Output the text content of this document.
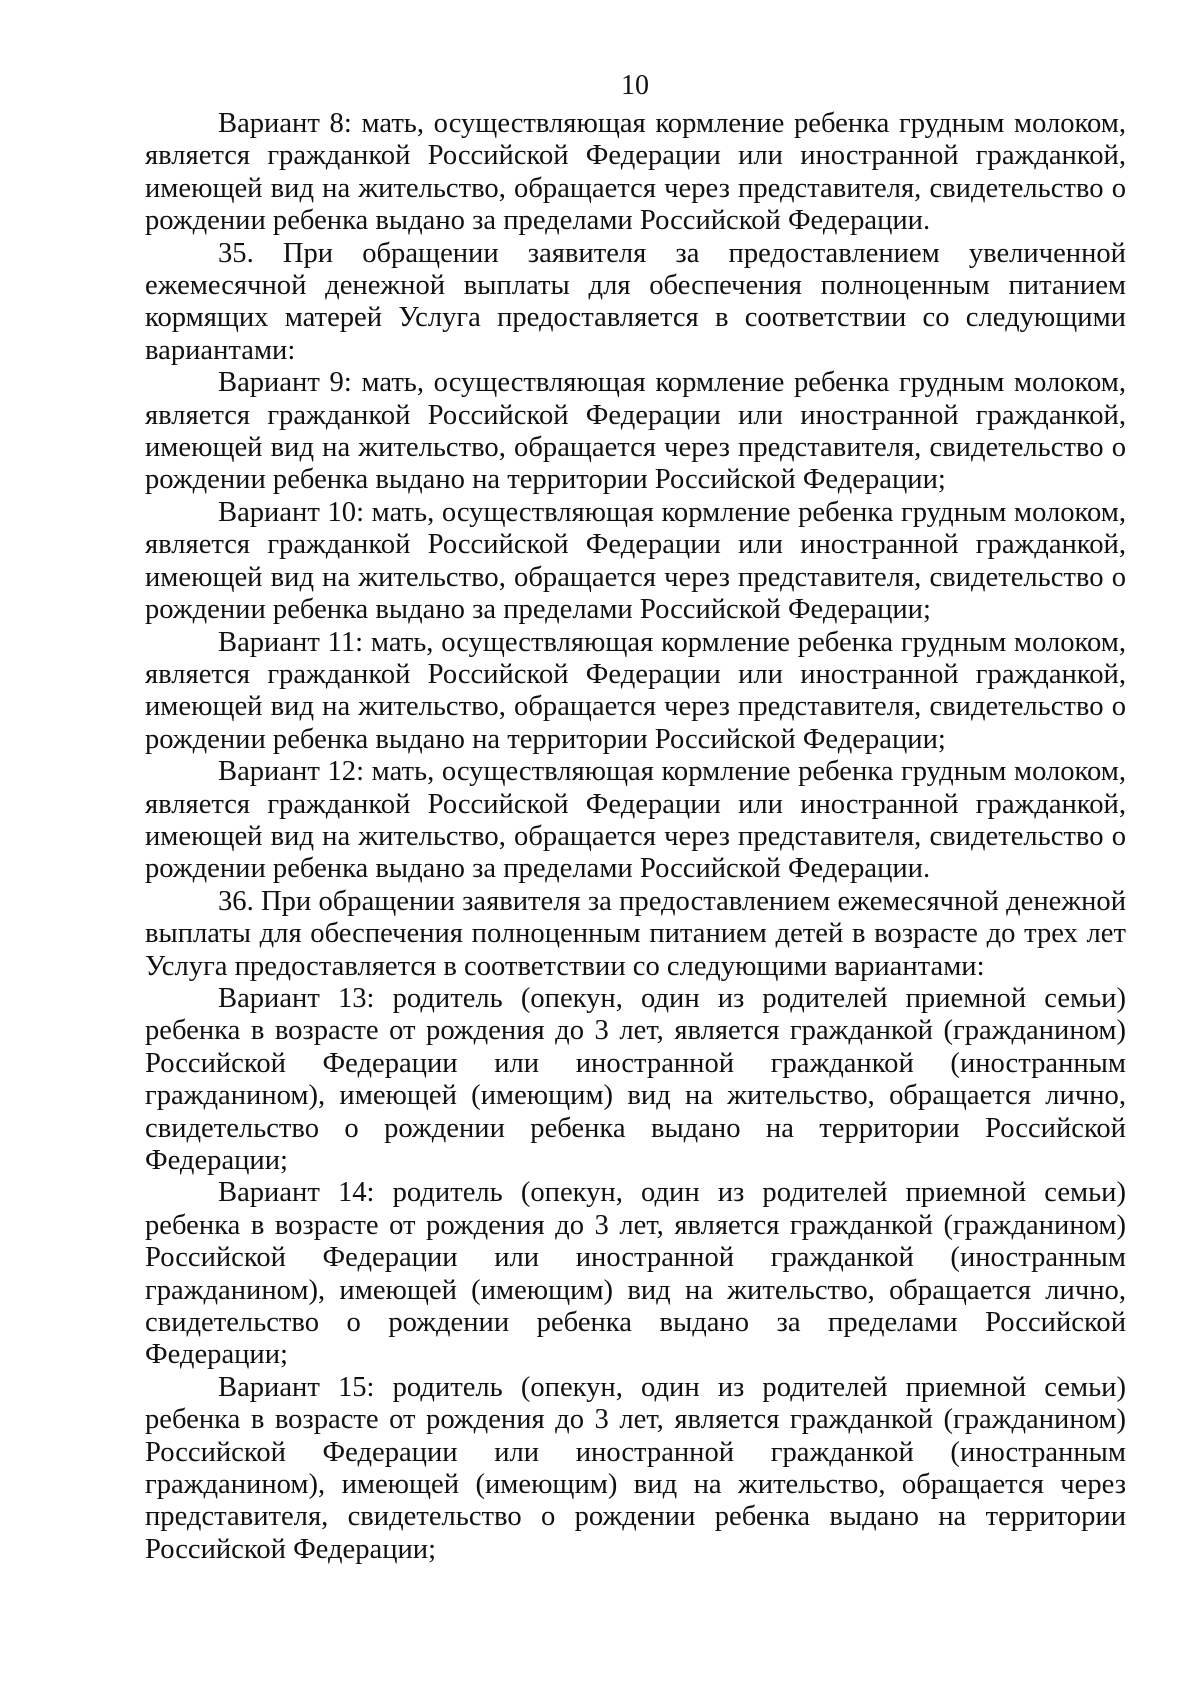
10

Вариант 8: мать, осуществляющая кормление ребенка грудным молоком, является гражданкой Российской Федерации или иностранной гражданкой, имеющей вид на жительство, обращается через представителя, свидетельство о рождении ребенка выдано за пределами Российской Федерации.

35. При обращении заявителя за предоставлением увеличенной ежемесячной денежной выплаты для обеспечения полноценным питанием кормящих матерей Услуга предоставляется в соответствии со следующими вариантами:

Вариант 9: мать, осуществляющая кормление ребенка грудным молоком, является гражданкой Российской Федерации или иностранной гражданкой, имеющей вид на жительство, обращается через представителя, свидетельство о рождении ребенка выдано на территории Российской Федерации;

Вариант 10: мать, осуществляющая кормление ребенка грудным молоком, является гражданкой Российской Федерации или иностранной гражданкой, имеющей вид на жительство, обращается через представителя, свидетельство о рождении ребенка выдано за пределами Российской Федерации;

Вариант 11: мать, осуществляющая кормление ребенка грудным молоком, является гражданкой Российской Федерации или иностранной гражданкой, имеющей вид на жительство, обращается через представителя, свидетельство о рождении ребенка выдано на территории Российской Федерации;

Вариант 12: мать, осуществляющая кормление ребенка грудным молоком, является гражданкой Российской Федерации или иностранной гражданкой, имеющей вид на жительство, обращается через представителя, свидетельство о рождении ребенка выдано за пределами Российской Федерации.

36. При обращении заявителя за предоставлением ежемесячной денежной выплаты для обеспечения полноценным питанием детей в возрасте до трех лет Услуга предоставляется в соответствии со следующими вариантами:

Вариант 13: родитель (опекун, один из родителей приемной семьи) ребенка в возрасте от рождения до 3 лет, является гражданкой (гражданином) Российской Федерации или иностранной гражданкой (иностранным гражданином), имеющей (имеющим) вид на жительство, обращается лично, свидетельство о рождении ребенка выдано на территории Российской Федерации;

Вариант 14: родитель (опекун, один из родителей приемной семьи) ребенка в возрасте от рождения до 3 лет, является гражданкой (гражданином) Российской Федерации или иностранной гражданкой (иностранным гражданином), имеющей (имеющим) вид на жительство, обращается лично, свидетельство о рождении ребенка выдано за пределами Российской Федерации;

Вариант 15: родитель (опекун, один из родителей приемной семьи) ребенка в возрасте от рождения до 3 лет, является гражданкой (гражданином) Российской Федерации или иностранной гражданкой (иностранным гражданином), имеющей (имеющим) вид на жительство, обращается через представителя, свидетельство о рождении ребенка выдано на территории Российской Федерации;
